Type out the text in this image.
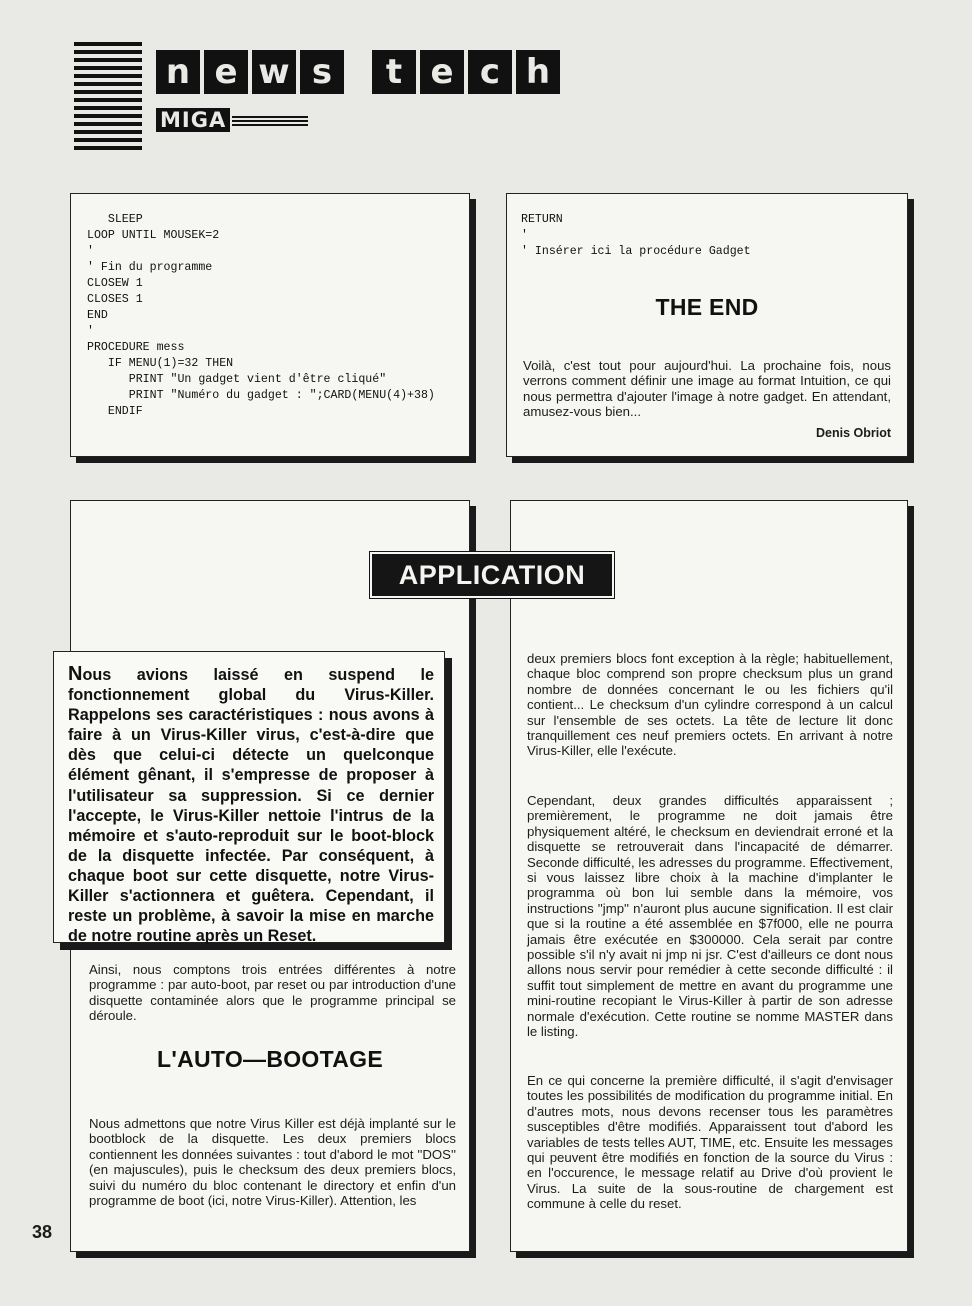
n e w s	t e c h
MIGA
SLEEP
LOOP UNTIL MOUSEK=2
'
' Fin du programme
CLOSEW 1
CLOSES 1
END
'
PROCEDURE mess
IF MENU(1)=32 THEN
PRINT "Un gadget vient d'être cliqué"
PRINT "Numéro du gadget : ";CARD(MENU(4)+38)
ENDIF
RETURN
'
' Insérer ici la procédure Gadget
THE END
Voilà, c'est tout pour aujourd'hui. La prochaine fois, nous verrons comment définir une image au format Intuition, ce qui nous permettra d'ajouter l'image à notre gadget. En attendant, amusez-vous bien...
Denis Obriot
Ainsi, nous comptons trois entrées différentes à notre programme : par auto-boot, par reset ou par introduction d'une disquette contaminée alors que le programme principal se déroule.
L'AUTO—BOOTAGE
Nous admettons que notre Virus Killer est déjà implanté sur le bootblock de la disquette. Les deux premiers blocs contiennent les données suivantes : tout d'abord le mot ''DOS'' (en majuscules), puis le checksum des deux premiers blocs, suivi du numéro du bloc contenant le directory et enfin d'un programme de boot (ici, notre Virus-Killer). Attention, les
deux premiers blocs font exception à la règle; habituellement, chaque bloc comprend son propre checksum plus un grand nombre de données concernant le ou les fichiers qu'il contient... Le checksum d'un cylindre correspond à un calcul sur l'ensemble de ses octets. La tête de lecture lit donc tranquillement ces neuf premiers octets. En arrivant à notre Virus-Killer, elle l'exécute.
Cependant, deux grandes difficultés apparaissent ; premièrement, le programme ne doit jamais être physiquement altéré, le checksum en deviendrait erroné et la disquette se retrouverait dans l'incapacité de démarrer. Seconde difficulté, les adresses du programme. Effectivement, si vous laissez libre choix à la machine d'implanter le programma où bon lui semble dans la mémoire, vos instructions ''jmp'' n'auront plus aucune signification. Il est clair que si la routine a été assemblée en $7f000, elle ne pourra jamais être exécutée en $300000. Cela serait par contre possible s'il n'y avait ni jmp ni jsr. C'est d'ailleurs ce dont nous allons nous servir pour remédier à cette seconde difficulté : il suffit tout simplement de mettre en avant du programme une mini-routine recopiant le Virus-Killer à partir de son adresse normale d'exécution. Cette routine se nomme MASTER dans le listing.
En ce qui concerne la première difficulté, il s'agit d'envisager toutes les possibilités de modification du programme initial. En d'autres mots, nous devons recenser tous les paramètres susceptibles d'être modifiés. Apparaissent tout d'abord les variables de tests telles AUT, TIME, etc. Ensuite les messages qui peuvent être modifiés en fonction de la source du Virus : en l'occurence, le message relatif au Drive d'où provient le Virus. La suite de la sous-routine de chargement est commune à celle du reset.
APPLICATION
Nous avions laissé en suspend le fonctionnement global du Virus-Killer. Rappelons ses caractéristiques : nous avons à faire à un Virus-Killer virus, c'est-à-dire que dès que celui-ci détecte un quelconque élément gênant, il s'empresse de proposer à l'utilisateur sa suppression. Si ce dernier l'accepte, le Virus-Killer nettoie l'intrus de la mémoire et s'auto-reproduit sur le boot-block de la disquette infectée. Par conséquent, à chaque boot sur cette disquette, notre Virus-Killer s'actionnera et guêtera. Cependant, il reste un problème, à savoir la mise en marche de notre routine après un Reset.
38
